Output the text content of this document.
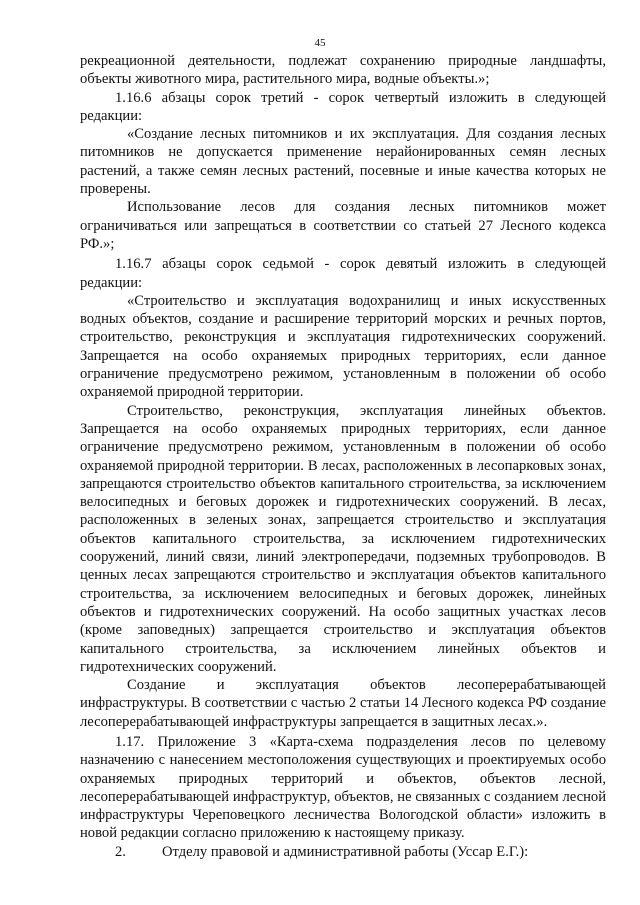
45

рекреационной деятельности, подлежат сохранению природные ландшафты, объекты животного мира, растительного мира, водные объекты.»;

1.16.6 абзацы сорок третий - сорок четвертый изложить в следующей редакции:

«Создание лесных питомников и их эксплуатация. Для создания лесных питомников не допускается применение нерайонированных семян лесных растений, а также семян лесных растений, посевные и иные качества которых не проверены.

Использование лесов для создания лесных питомников может ограничиваться или запрещаться в соответствии со статьей 27 Лесного кодекса РФ.»;

1.16.7 абзацы сорок седьмой - сорок девятый изложить в следующей редакции:

«Строительство и эксплуатация водохранилищ и иных искусственных водных объектов, создание и расширение территорий морских и речных портов, строительство, реконструкция и эксплуатация гидротехнических сооружений. Запрещается на особо охраняемых природных территориях, если данное ограничение предусмотрено режимом, установленным в положении об особо охраняемой природной территории.

Строительство, реконструкция, эксплуатация линейных объектов. Запрещается на особо охраняемых природных территориях, если данное ограничение предусмотрено режимом, установленным в положении об особо охраняемой природной территории. В лесах, расположенных в лесопарковых зонах, запрещаются строительство объектов капитального строительства, за исключением велосипедных и беговых дорожек и гидротехнических сооружений. В лесах, расположенных в зеленых зонах, запрещается строительство и эксплуатация объектов капитального строительства, за исключением гидротехнических сооружений, линий связи, линий электропередачи, подземных трубопроводов. В ценных лесах запрещаются строительство и эксплуатация объектов капитального строительства, за исключением велосипедных и беговых дорожек, линейных объектов и гидротехнических сооружений. На особо защитных участках лесов (кроме заповедных) запрещается строительство и эксплуатация объектов капитального строительства, за исключением линейных объектов и гидротехнических сооружений.

Создание и эксплуатация объектов лесоперерабатывающей инфраструктуры. В соответствии с частью 2 статьи 14 Лесного кодекса РФ создание лесоперерабатывающей инфраструктуры запрещается в защитных лесах.».

1.17. Приложение 3 «Карта-схема подразделения лесов по целевому назначению с нанесением местоположения существующих и проектируемых особо охраняемых природных территорий и объектов, объектов лесной, лесоперерабатывающей инфраструктур, объектов, не связанных с созданием лесной инфраструктуры Череповецкого лесничества Вологодской области» изложить в новой редакции согласно приложению к настоящему приказу.

2.	Отделу правовой и административной работы (Уссар Е.Г.):
